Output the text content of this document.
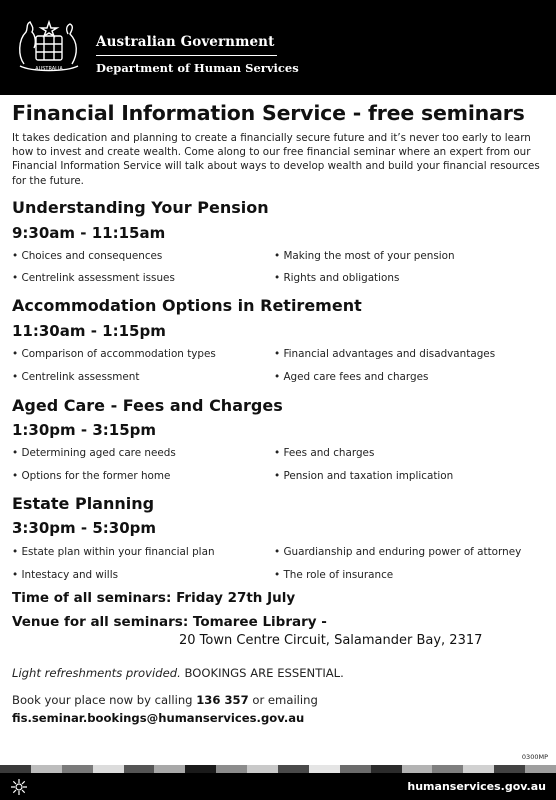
AUSTRALIA
Australian Government
Department of Human Services
Financial Information Service - free seminars
It takes dedication and planning to create a financially secure future and it’s never too early to learn how to invest and create wealth. Come along to our free financial seminar where an expert from our Financial Information Service will talk about ways to develop wealth and build your financial resources for the future.
Understanding Your Pension
9:30am - 11:15am
• Choices and consequences	• Making the most of your pension
• Centrelink assessment issues	• Rights and obligations
Accommodation Options in Retirement
11:30am - 1:15pm
• Comparison of accommodation types	• Financial advantages and disadvantages
• Centrelink assessment	• Aged care fees and charges
Aged Care - Fees and Charges
1:30pm - 3:15pm
• Determining aged care needs	• Fees and charges
• Options for the former home	• Pension and taxation implication
Estate Planning
3:30pm - 5:30pm
• Estate plan within your financial plan	• Guardianship and enduring power of attorney
• Intestacy and wills	• The role of insurance
Time of all seminars: Friday 27th July
Venue for all seminars: Tomaree Library -
20 Town Centre Circuit, Salamander Bay, 2317
Light refreshments provided. BOOKINGS ARE ESSENTIAL.
Book your place now by calling 136 357 or emailing
fis.seminar.bookings@humanservices.gov.au
0300MP
humanservices.gov.au
